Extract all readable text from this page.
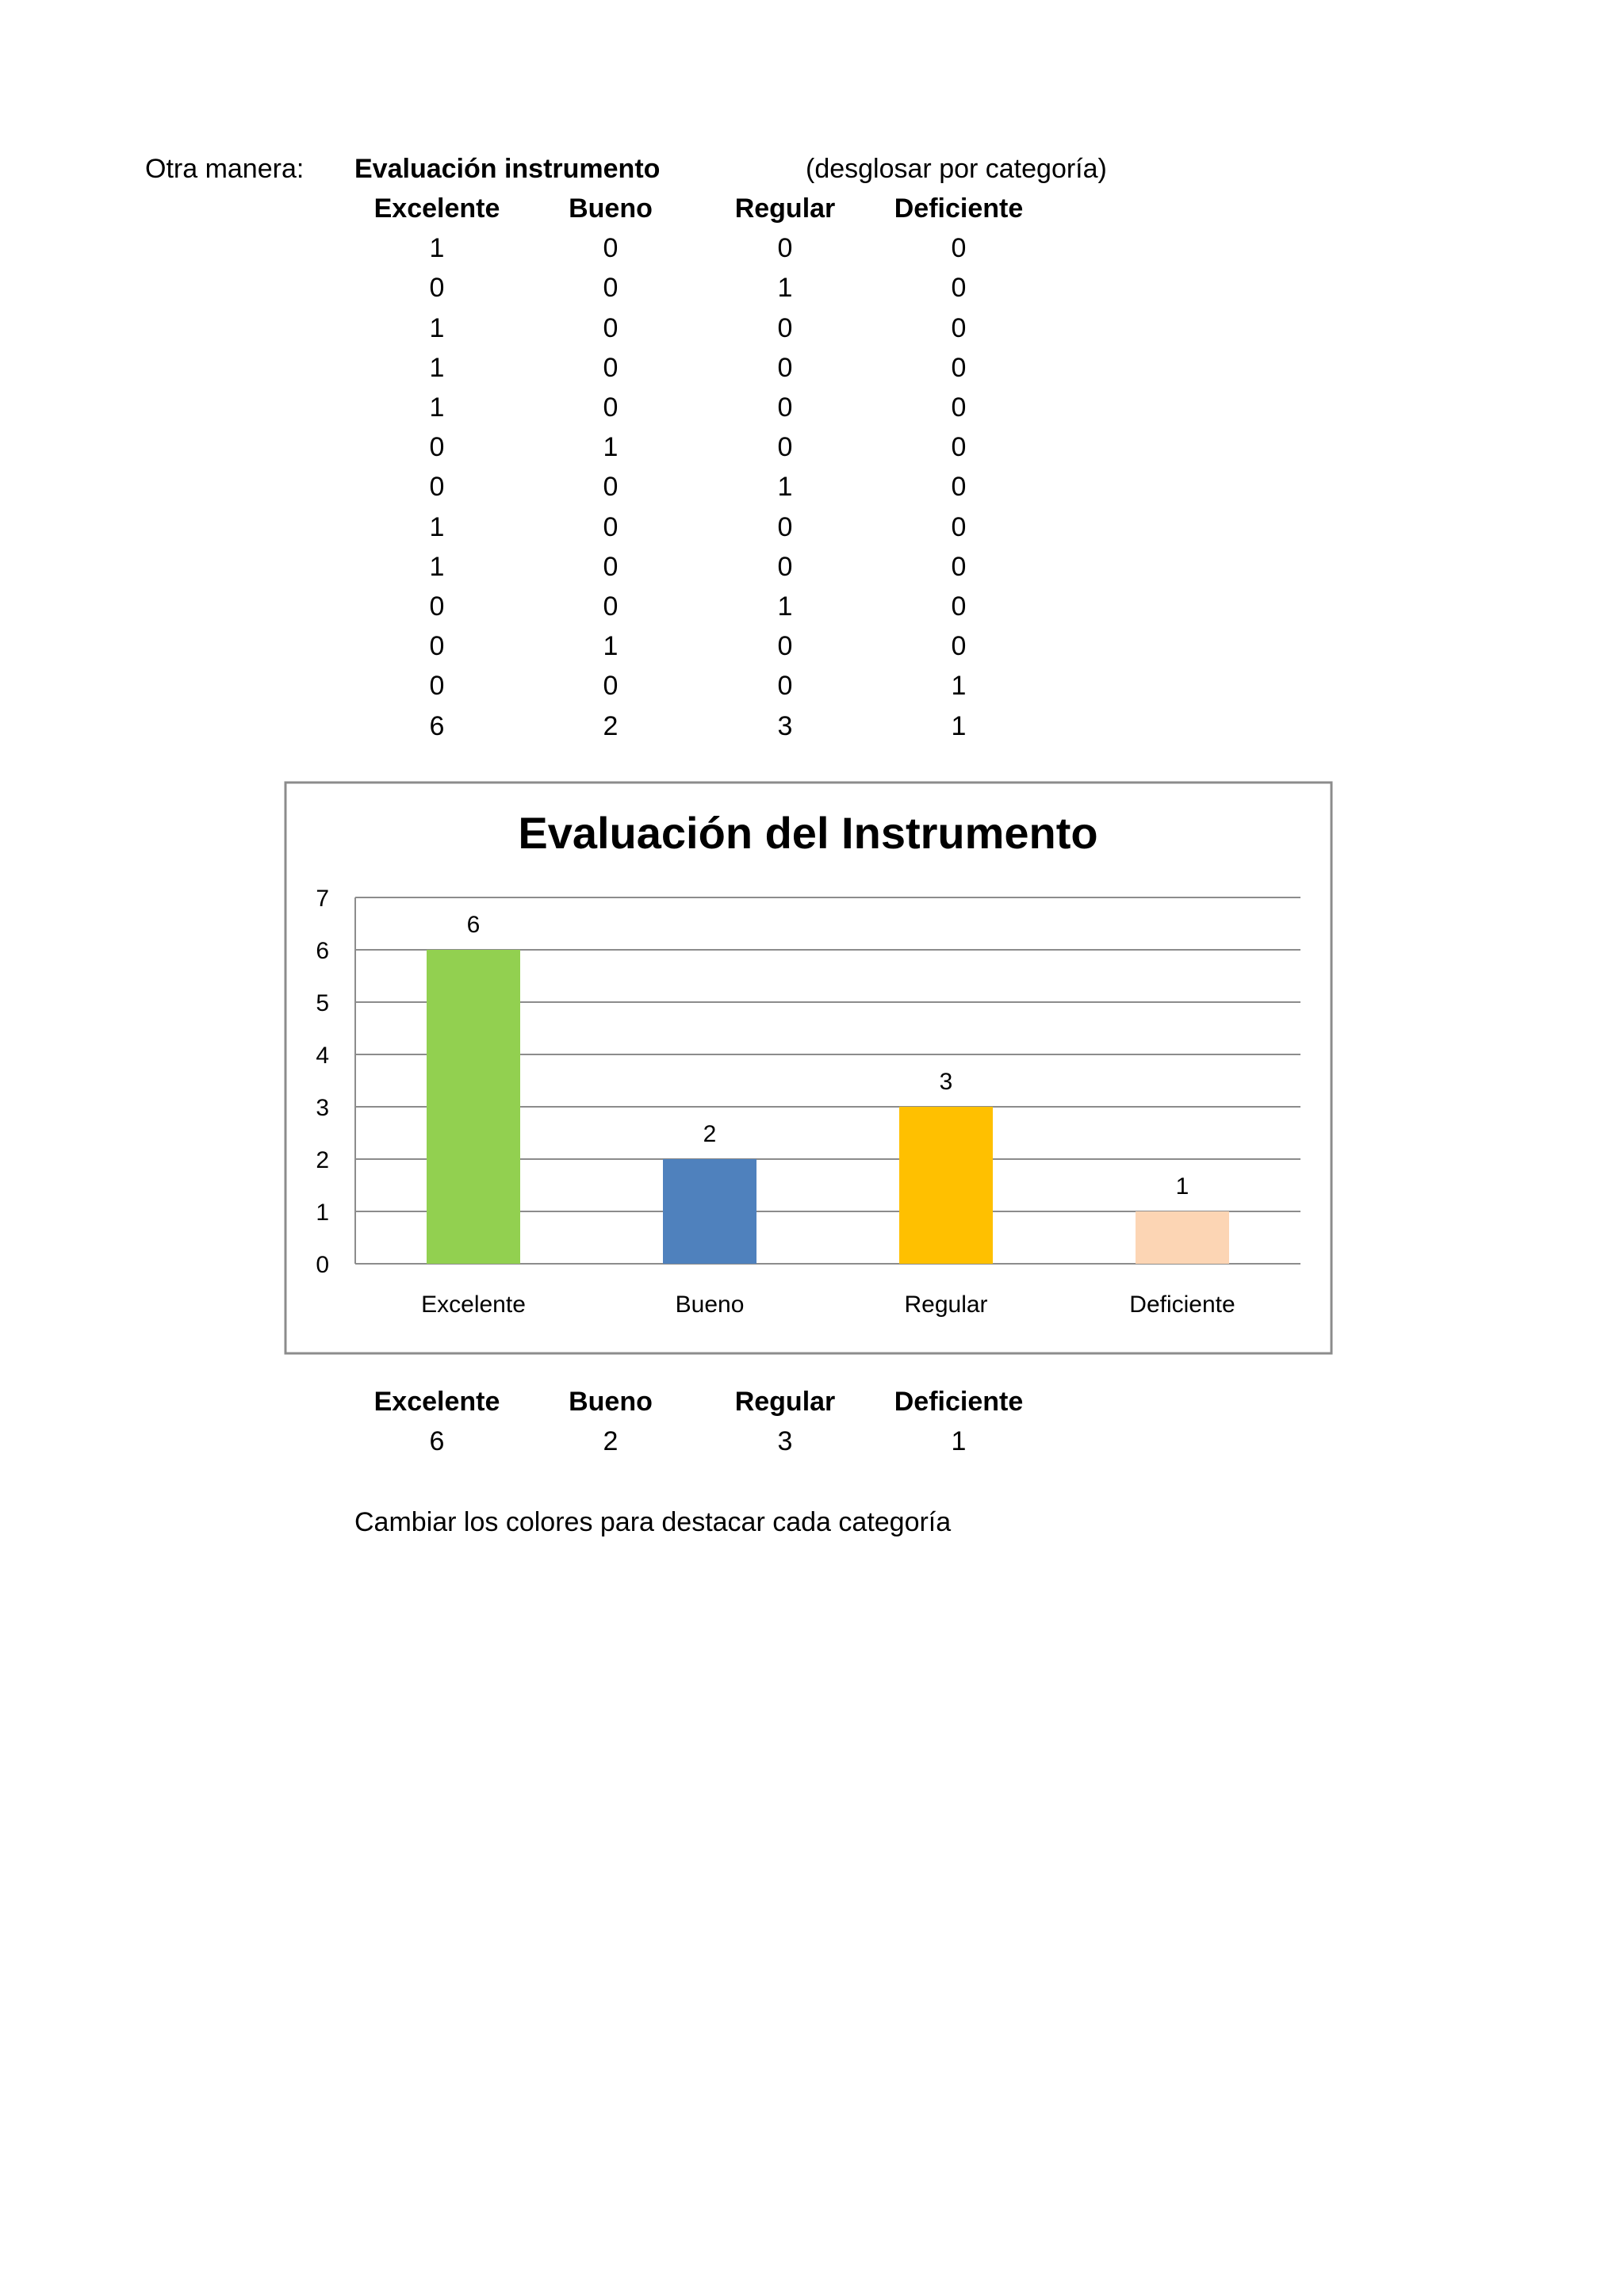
Otra manera: Evaluación instrumento	(desglosar por categoría)
Excelente	Bueno	Regular Deficiente
1	0	0	0
0	0	1	0
1	0	0	0
1	0	0	0
1	0	0	0
0	1	0	0
0	0	1	0
1	0	0	0
1	0	0	0
0	0	1	0
0	1	0	0
0	0	0	1
6	2	3	1
Evaluación del Instrumento
0
1
2
3
4
5
6
7
6
Excelente
2
Bueno
3
Regular
1
Deficiente
Excelente	Bueno	Regular Deficiente
6	2	3	1
Cambiar los colores para destacar cada categoría
